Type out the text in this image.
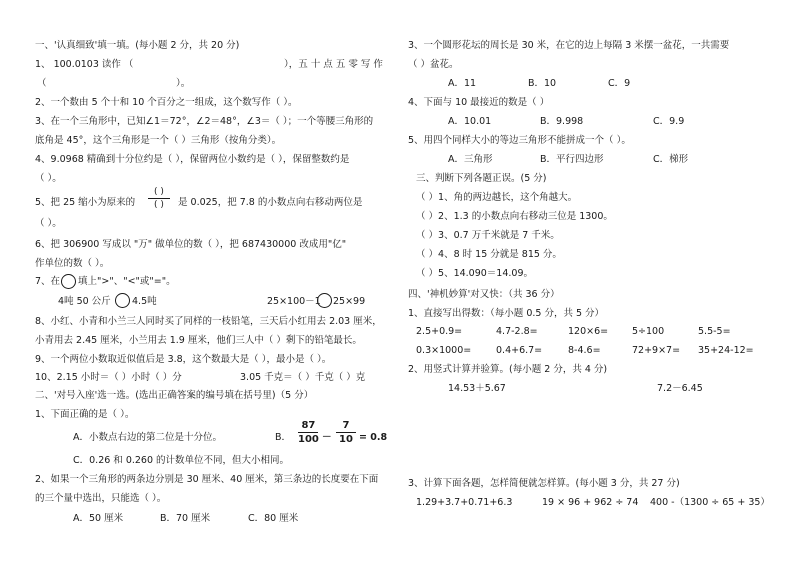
一、'认真细致'填一填。(每小题 2 分，共 20 分)
1、 100.0103 读作 （	），五 十 点 五 零 写 作
（	）。
2、一个数由 5 个十和 10 个百分之一组成，这个数写作（ ）。
3、在一个三角形中，已知∠1＝72°，∠2＝48°，∠3＝（ ）；一个等腰三角形的
底角是 45°，这个三角形是一个（ ）三角形（按角分类）。
4、9.0968 精确到十分位约是（ ），保留两位小数约是（ ），保留整数约是
（ ）。
5、把 25 缩小为原来的
( )
( ) 是 0.025，把 7.8 的小数点向右移动两位是
（ ）。
6、把 306900 写成以 "万" 做单位的数（ ），把 687430000 改成用"亿"
作单位的数（ ）。
7、在 填上">"、"<"或"="。
4吨 50 公斤 4.5吨	25×100－1 25×99
8、小红、小青和小兰三人同时买了同样的一枝铅笔，三天后小红用去 2.03 厘米，
小青用去 2.45 厘米，小兰用去 1.9 厘米，他们三人中（ ）剩下的铅笔最长。
9、一个两位小数取近似值后是 3.8，这个数最大是（ ），最小是（ ）。
10、2.15 小时＝（ ）小时（ ）分	3.05 千克＝（ ）千克（ ）克
二、'对号入座'选一选。(选出正确答案的编号填在括号里)（5 分）
1、下面正确的是（ ）。
A．小数点右边的第二位是十分位。	B．
87
100 －
7
10 = 0.8
C．0.26 和 0.260 的计数单位不同，但大小相同。
2、如果一个三角形的两条边分别是 30 厘米、40 厘米，第三条边的长度要在下面
的三个量中选出，只能选（ ）。
A．50 厘米	B．70 厘米	C．80 厘米
3、一个圆形花坛的周长是 30 米，在它的边上每隔 3 米摆一盆花，一共需要
（ ）盆花。
A．11	B．10	C．9
4、下面与 10 最接近的数是（ ）
A．10.01	B．9.998	C．9.9
5、用四个同样大小的等边三角形不能拼成一个（ ）。
A．三角形	B．平行四边形	C．梯形
三、判断下列各题正误。(5 分)
（ ）1、角的两边越长，这个角越大。
（ ）2、1.3 的小数点向右移动三位是 1300。
（ ）3、0.7 万千米就是 7 千米。
（ ）4、8 时 15 分就是 815 分。
（ ）5、14.090＝14.09。
四、'神机妙算'对又快：（共 36 分）
1、直接写出得数：（每小题 0.5 分，共 5 分）
2.5+0.9=	4.7-2.8=	120×6=	5÷100	5.5-5=
0.3×1000=	0.4+6.7=	8-4.6=	72+9×7= 35+24-12=
2、用竖式计算并验算。(每小题 2 分，共 4 分)
14.53＋5.67	7.2－6.45
3、计算下面各题，怎样简便就怎样算。(每小题 3 分，共 27 分)
1.29+3.7+0.71+6.3	19 × 96 + 962 ÷ 74 400 -（1300 ÷ 65 + 35）
